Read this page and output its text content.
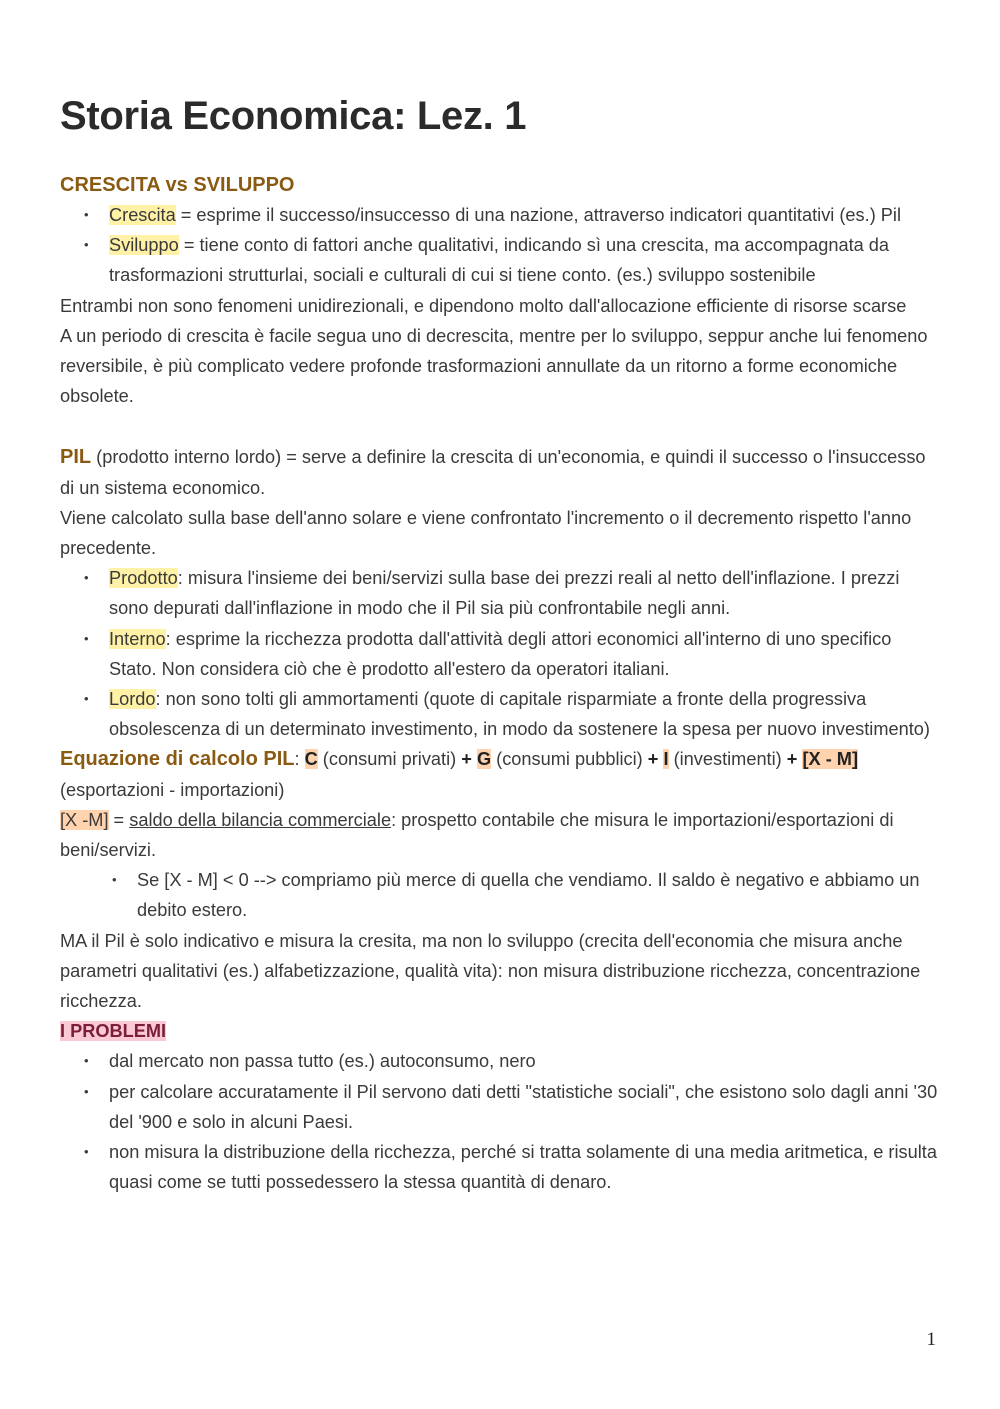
Storia Economica: Lez. 1
CRESCITA vs SVILUPPO
• Crescita = esprime il successo/insuccesso di una nazione, attraverso indicatori quantitativi (es.) Pil
• Sviluppo = tiene conto di fattori anche qualitativi, indicando sì una crescita, ma accompagnata da trasformazioni strutturlai, sociali e culturali di cui si tiene conto. (es.) sviluppo sostenibile

Entrambi non sono fenomeni unidirezionali, e dipendono molto dall'allocazione efficiente di risorse scarse

A un periodo di crescita è facile segua uno di decrescita, mentre per lo sviluppo, seppur anche lui fenomeno reversibile, è più complicato vedere profonde trasformazioni annullate da un ritorno a forme economiche obsolete.

PIL (prodotto interno lordo) = serve a definire la crescita di un'economia, e quindi il successo o l'insuccesso di un sistema economico.

Viene calcolato sulla base dell'anno solare e viene confrontato l'incremento o il decremento rispetto l'anno precedente.

• Prodotto: misura l'insieme dei beni/servizi sulla base dei prezzi reali al netto dell'inflazione. I prezzi sono depurati dall'inflazione in modo che il Pil sia più confrontabile negli anni.
• Interno: esprime la ricchezza prodotta dall'attività degli attori economici all'interno di uno specifico Stato. Non considera ciò che è prodotto all'estero da operatori italiani.
• Lordo: non sono tolti gli ammortamenti (quote di capitale risparmiate a fronte della progressiva obsolescenza di un determinato investimento, in modo da sostenere la spesa per nuovo investimento)

Equazione di calcolo PIL: C (consumi privati) + G (consumi pubblici) + I (investimenti) + [X - M] (esportazioni - importazioni)

[X -M] = saldo della bilancia commerciale: prospetto contabile che misura le importazioni/esportazioni di beni/servizi.

• Se [X - M] < 0 --> compriamo più merce di quella che vendiamo. Il saldo è negativo e abbiamo un debito estero.

MA il Pil è solo indicativo e misura la cresita, ma non lo sviluppo (crecita dell'economia che misura anche parametri qualitativi (es.) alfabetizzazione, qualità vita): non misura distribuzione ricchezza, concentrazione ricchezza.

I PROBLEMI

• dal mercato non passa tutto (es.) autoconsumo, nero
• per calcolare accuratamente il Pil servono dati detti "statistiche sociali", che esistono solo dagli anni '30 del '900 e solo in alcuni Paesi.
• non misura la distribuzione della ricchezza, perché si tratta solamente di una media aritmetica, e risulta quasi come se tutti possedessero la stessa quantità di denaro.
1
